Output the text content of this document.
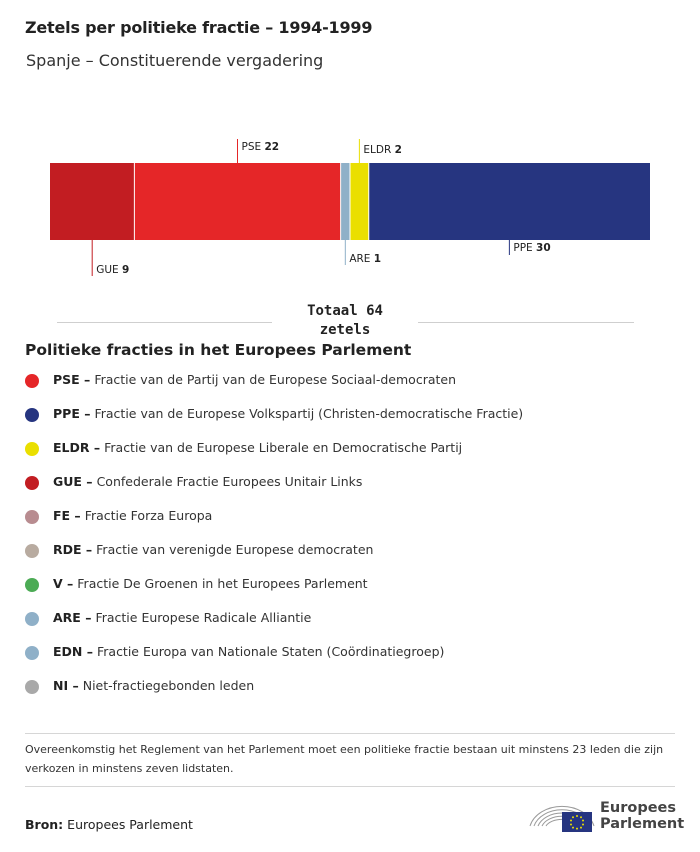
Zetels per politieke fractie – 1994-1999
Spanje – Constituerende vergadering
GUE 9
PSE 22
ARE 1
ELDR 2
PPE 30
Totaal 64
zetels
Politieke fracties in het Europees Parlement
PSE – Fractie van de Partij van de Europese Sociaal-democraten
PPE – Fractie van de Europese Volkspartij (Christen-democratische Fractie)
ELDR – Fractie van de Europese Liberale en Democratische Partij
GUE – Confederale Fractie Europees Unitair Links
FE – Fractie Forza Europa
RDE – Fractie van verenigde Europese democraten
V – Fractie De Groenen in het Europees Parlement
ARE – Fractie Europese Radicale Alliantie
EDN – Fractie Europa van Nationale Staten (Coördinatiegroep)
NI – Niet-fractiegebonden leden
Overeenkomstig het Reglement van het Parlement moet een politieke fractie bestaan uit minstens 23 leden die zijn verkozen in minstens zeven lidstaten.
Bron: Europees Parlement
Europees
Parlement
